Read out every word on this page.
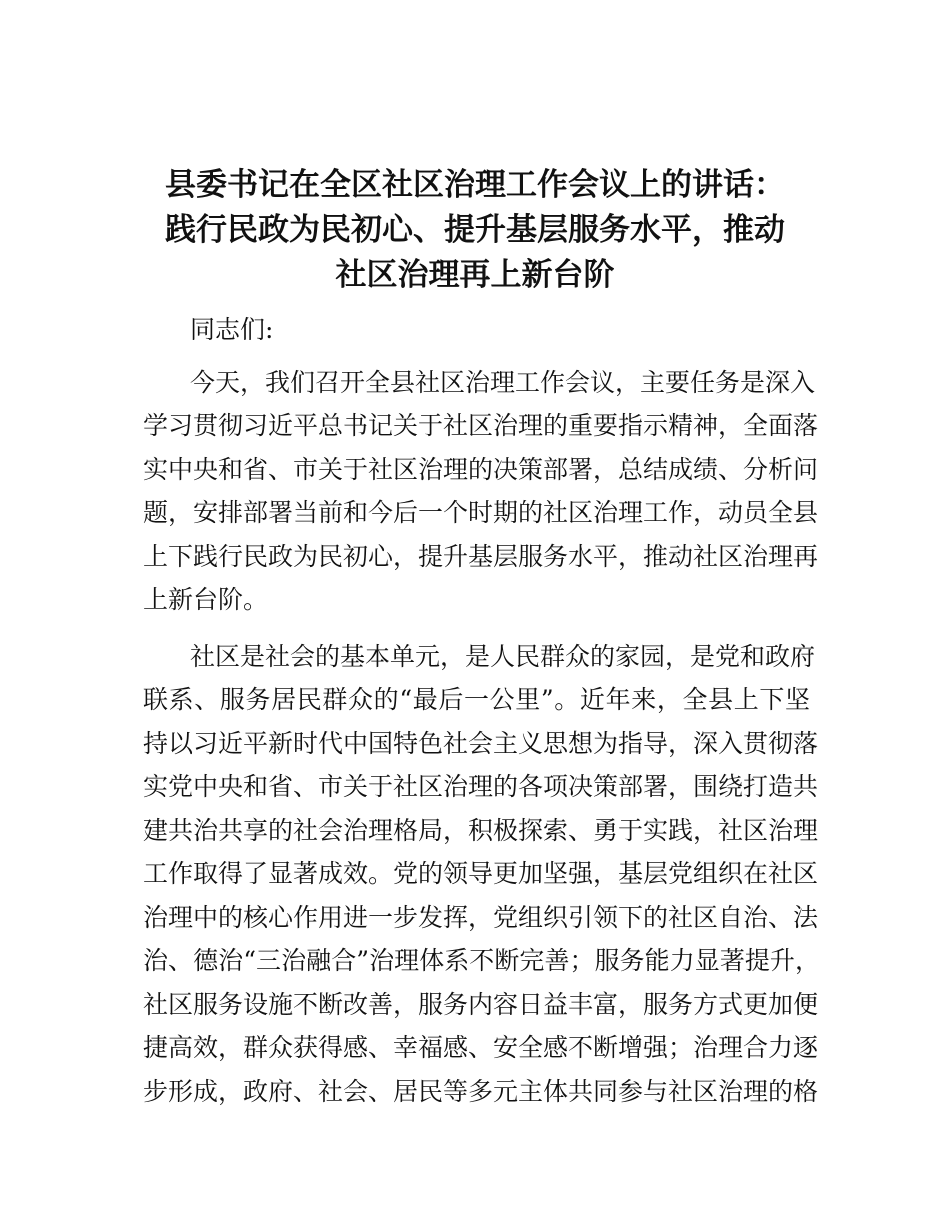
县委书记在全区社区治理工作会议上的讲话：
践行民政为民初心、提升基层服务水平，推动
社区治理再上新台阶
同志们:
今天，我们召开全县社区治理工作会议，主要任务是深入
学习贯彻习近平总书记关于社区治理的重要指示精神，全面落
实中央和省、市关于社区治理的决策部署，总结成绩、分析问
题，安排部署当前和今后一个时期的社区治理工作，动员全县
上下践行民政为民初心，提升基层服务水平，推动社区治理再
上新台阶。
社区是社会的基本单元，是人民群众的家园，是党和政府
联系、服务居民群众的“最后一公里”。近年来，全县上下坚
持以习近平新时代中国特色社会主义思想为指导，深入贯彻落
实党中央和省、市关于社区治理的各项决策部署，围绕打造共
建共治共享的社会治理格局，积极探索、勇于实践，社区治理
工作取得了显著成效。党的领导更加坚强，基层党组织在社区
治理中的核心作用进一步发挥，党组织引领下的社区自治、法
治、德治“三治融合”治理体系不断完善；服务能力显著提升，
社区服务设施不断改善，服务内容日益丰富，服务方式更加便
捷高效，群众获得感、幸福感、安全感不断增强；治理合力逐
步形成，政府、社会、居民等多元主体共同参与社区治理的格
